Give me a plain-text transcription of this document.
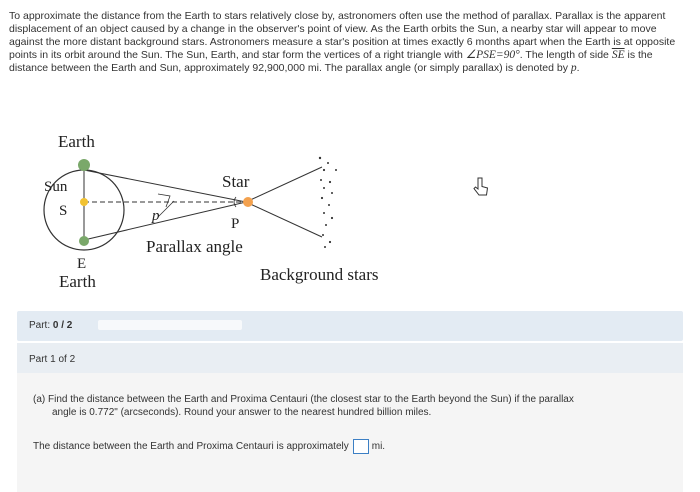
To approximate the distance from the Earth to stars relatively close by, astronomers often use the method of parallax. Parallax is the apparent displacement of an object caused by a change in the observer's point of view. As the Earth orbits the Sun, a nearby star will appear to move against the more distant background stars. Astronomers measure a star's position at times exactly 6 months apart when the Earth is at opposite points in its orbit around the Sun. The Sun, Earth, and star form the vertices of a right triangle with ∠PSE=90°. The length of side $\overline{SE}$ is the distance between the Earth and Sun, approximately 92,900,000 mi. The parallax angle (or simply parallax) is denoted by p.
Earth
Sun
S
Star
p	P
Parallax angle
E
Earth	Background stars
Part: 0 / 2
Part 1 of 2
(a) Find the distance between the Earth and Proxima Centauri (the closest star to the Earth beyond the Sun) if the parallax
angle is 0.772" (arcseconds). Round your answer to the nearest hundred billion miles.
The distance between the Earth and Proxima Centauri is approximately mi.
